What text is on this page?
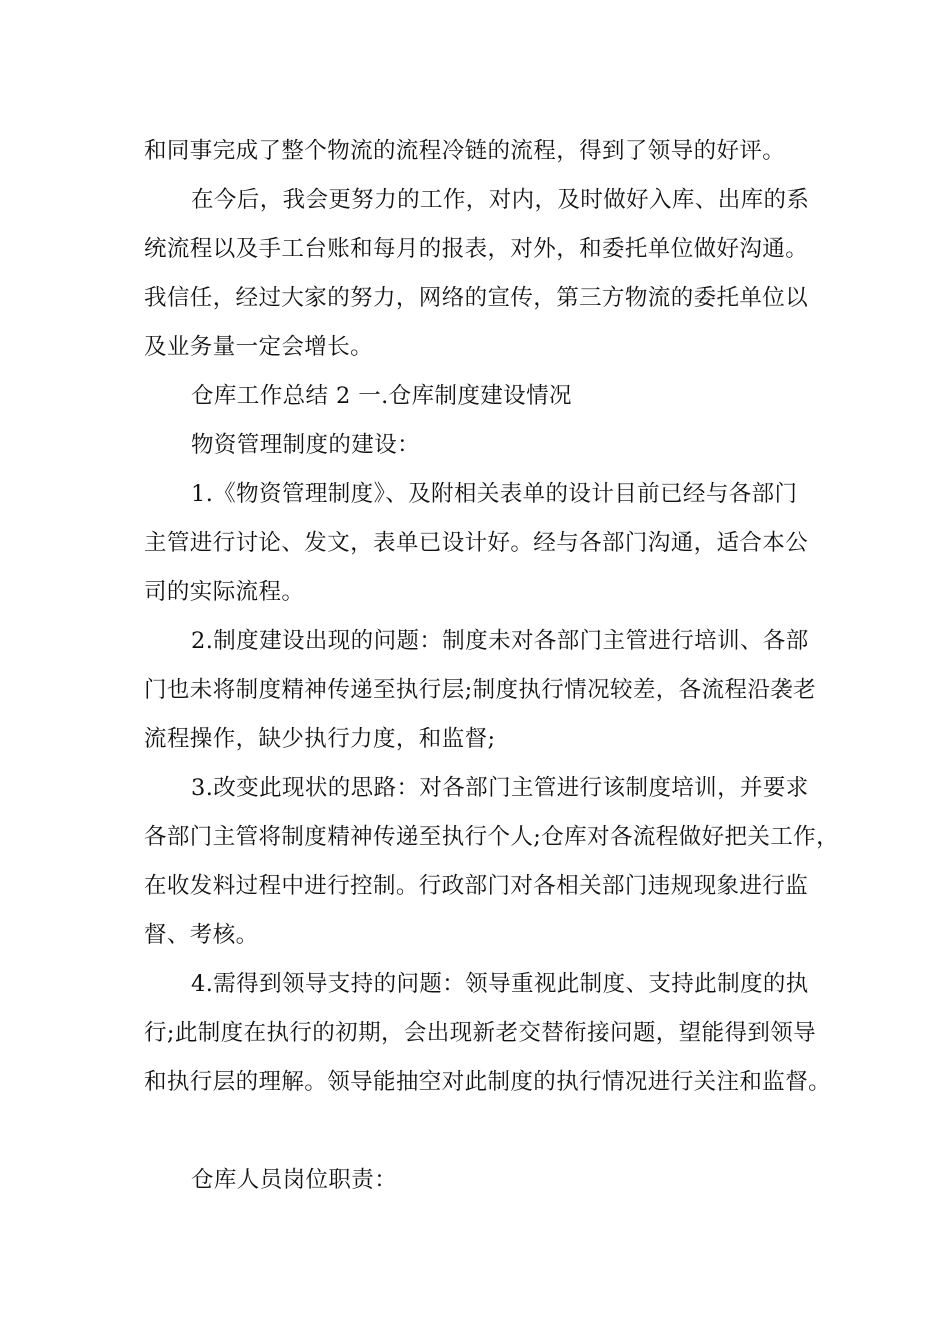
和同事完成了整个物流的流程冷链的流程，得到了领导的好评。
在今后，我会更努力的工作，对内，及时做好入库、出库的系
统流程以及手工台账和每月的报表，对外，和委托单位做好沟通。
我信任，经过大家的努力，网络的宣传，第三方物流的委托单位以
及业务量一定会增长。
仓库工作总结 2 一.仓库制度建设情况
物资管理制度的建设：
1.《物资管理制度》、及附相关表单的设计目前已经与各部门
主管进行讨论、发文，表单已设计好。经与各部门沟通，适合本公
司的实际流程。
2.制度建设出现的问题：制度未对各部门主管进行培训、各部
门也未将制度精神传递至执行层;制度执行情况较差，各流程沿袭老
流程操作，缺少执行力度，和监督;
3.改变此现状的思路：对各部门主管进行该制度培训，并要求
各部门主管将制度精神传递至执行个人;仓库对各流程做好把关工作，
在收发料过程中进行控制。行政部门对各相关部门违规现象进行监
督、考核。
4.需得到领导支持的问题：领导重视此制度、支持此制度的执
行;此制度在执行的初期，会出现新老交替衔接问题，望能得到领导
和执行层的理解。领导能抽空对此制度的执行情况进行关注和监督。
仓库人员岗位职责：
